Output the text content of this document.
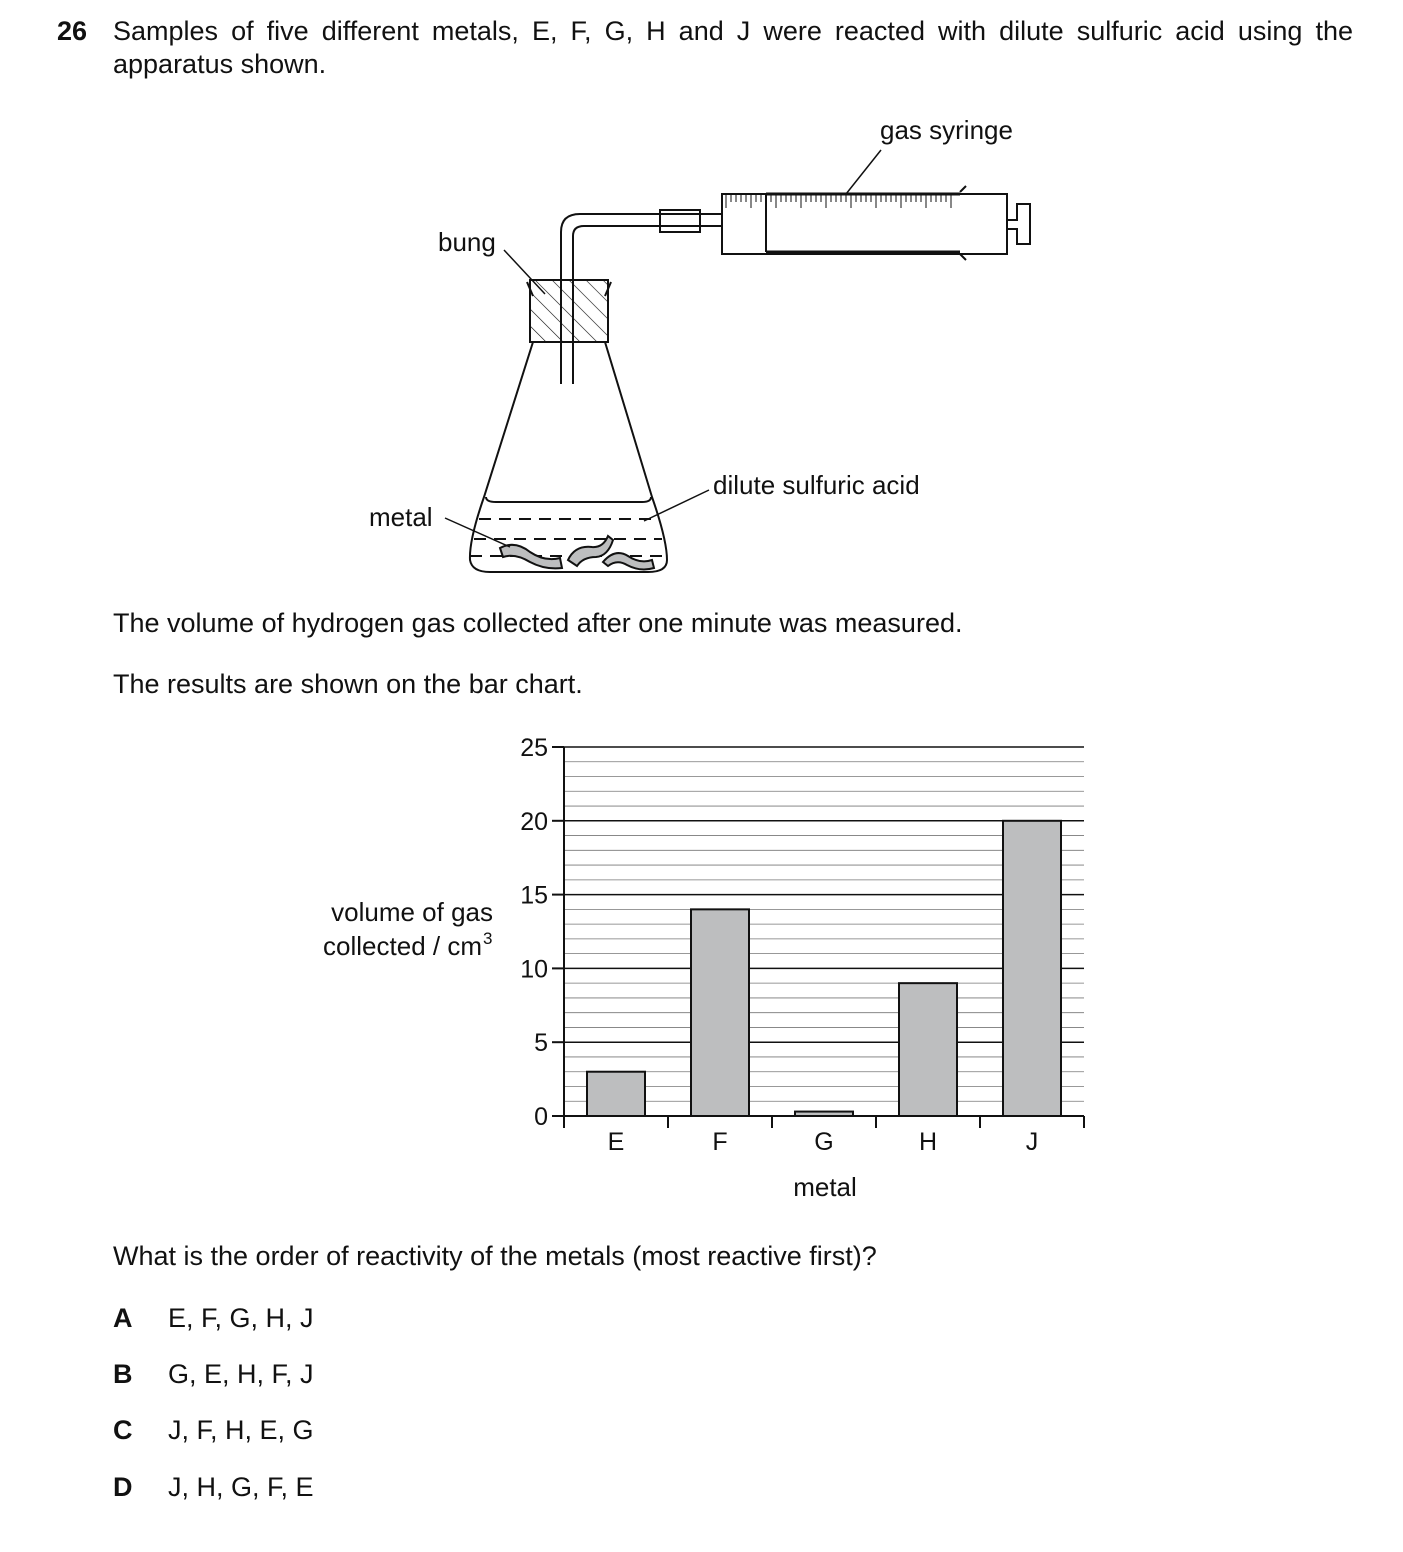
26 Samples of five different metals, E, F, G, H and J were reacted with dilute sulfuric acid using the apparatus shown.
gas syringe
bung
metal
dilute sulfuric acid
The volume of hydrogen gas collected after one minute was measured.
The results are shown on the bar chart.
0
5
10
15
20
25
E	F	G	H	J
volume of gas
collected / cm 3
metal
What is the order of reactivity of the metals (most reactive first)?
A E, F, G, H, J
B G, E, H, F, J
C J, F, H, E, G
D J, H, G, F, E
